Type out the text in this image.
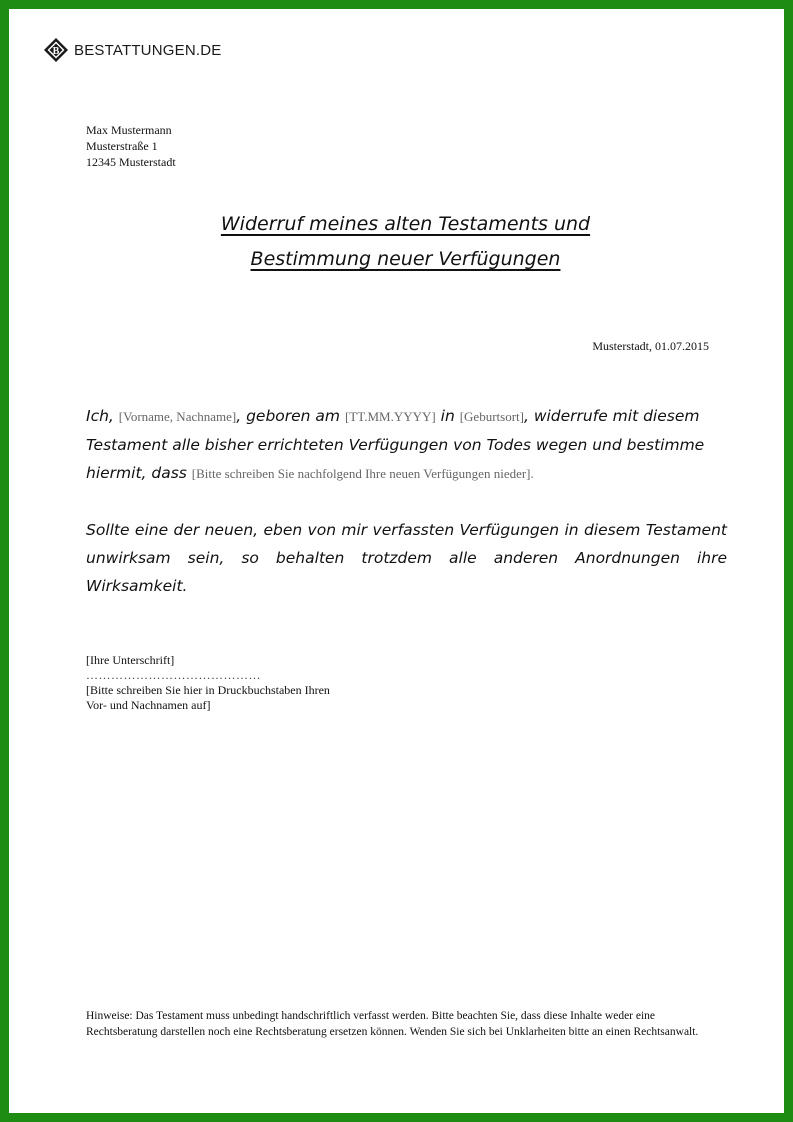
B BESTATTUNGEN.DE
Max Mustermann
Musterstraße 1
12345 Musterstadt
Widerruf meines alten Testaments und
Bestimmung neuer Verfügungen
Musterstadt, 01.07.2015
Ich, [Vorname, Nachname], geboren am [TT.MM.YYYY] in [Geburtsort], widerrufe mit diesem Testament alle bisher errichteten Verfügungen von Todes wegen und bestimme hiermit, dass [Bitte schreiben Sie nachfolgend Ihre neuen Verfügungen nieder].
Sollte eine der neuen, eben von mir verfassten Verfügungen in diesem Testament unwirksam sein, so behalten trotzdem alle anderen Anordnungen ihre Wirksamkeit.
[Ihre Unterschrift]
……………………………………
[Bitte schreiben Sie hier in Druckbuchstaben Ihren
Vor- und Nachnamen auf]
Hinweise: Das Testament muss unbedingt handschriftlich verfasst werden. Bitte beachten Sie, dass diese Inhalte weder eine Rechtsberatung darstellen noch eine Rechtsberatung ersetzen können. Wenden Sie sich bei Unklarheiten bitte an einen Rechtsanwalt.
